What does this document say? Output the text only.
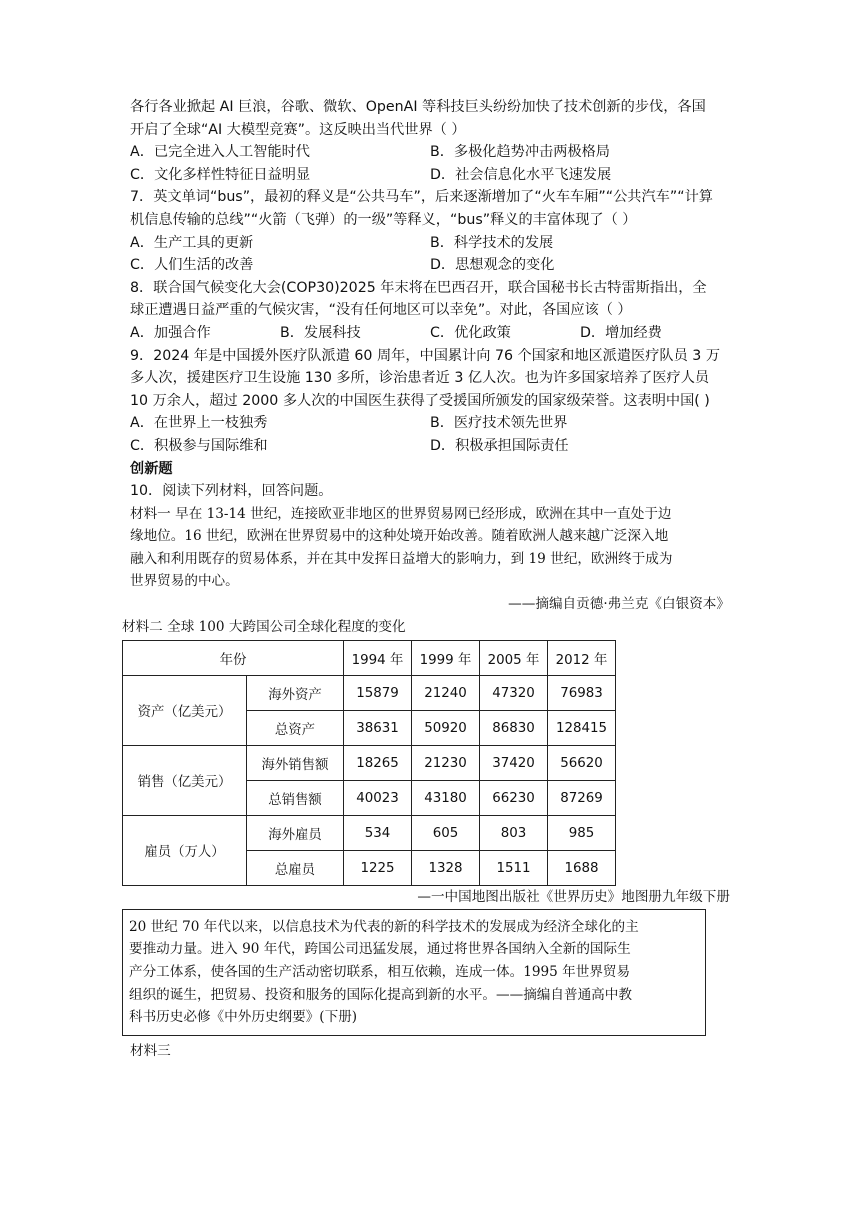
各行各业掀起 AI 巨浪，谷歌、微软、OpenAI 等科技巨头纷纷加快了技术创新的步伐，各国
开启了全球“AI 大模型竞赛”。这反映出当代世界（ ）
A．已完全进入人工智能时代	B．多极化趋势冲击两极格局
C．文化多样性特征日益明显	D．社会信息化水平飞速发展
7．英文单词“bus”，最初的释义是“公共马车”，后来逐渐增加了“火车车厢”“公共汽车”“计算
机信息传输的总线”“火箭（飞弹）的一级”等释义，“bus”释义的丰富体现了（ ）
A．生产工具的更新	B．科学技术的发展
C．人们生活的改善	D．思想观念的变化
8．联合国气候变化大会(COP30)2025 年末将在巴西召开，联合国秘书长古特雷斯指出，全
球正遭遇日益严重的气候灾害，“没有任何地区可以幸免”。对此，各国应该（ ）
A．加强合作	B．发展科技	C．优化政策	D．增加经费
9．2024 年是中国援外医疗队派遣 60 周年，中国累计向 76 个国家和地区派遣医疗队员 3 万
多人次，援建医疗卫生设施 130 多所，诊治患者近 3 亿人次。也为许多国家培养了医疗人员
10 万余人，超过 2000 多人次的中国医生获得了受援国所颁发的国家级荣誉。这表明中国( )
A．在世界上一枝独秀	B．医疗技术领先世界
C．积极参与国际维和	D．积极承担国际责任
创新题
10．阅读下列材料，回答问题。
材料一 早在 13-14 世纪，连接欧亚非地区的世界贸易网已经形成，欧洲在其中一直处于边
缘地位。16 世纪，欧洲在世界贸易中的这种处境开始改善。随着欧洲人越来越广泛深入地
融入和利用既存的贸易体系，并在其中发挥日益增大的影响力，到 19 世纪，欧洲终于成为
世界贸易的中心。
——摘编自贡德·弗兰克《白银资本》
材料二 全球 100 大跨国公司全球化程度的变化
年份		1994 年	1999 年	2005 年	2012 年
资产（亿美元）	海外资产	15879	21240	47320	76983
	总资产	38631	50920	86830	128415
销售（亿美元）	海外销售额	18265	21230	37420	56620
	总销售额	40023	43180	66230	87269
雇员（万人）	海外雇员	534	605	803	985
	总雇员	1225	1328	1511	1688
—一中国地图出版社《世界历史》地图册九年级下册
20 世纪 70 年代以来，以信息技术为代表的新的科学技术的发展成为经济全球化的主
要推动力量。进入 90 年代，跨国公司迅猛发展，通过将世界各国纳入全新的国际生
产分工体系，使各国的生产活动密切联系，相互依赖，连成一体。1995 年世界贸易
组织的诞生，把贸易、投资和服务的国际化提高到新的水平。——摘编自普通高中教
科书历史必修《中外历史纲要》(下册)
材料三
